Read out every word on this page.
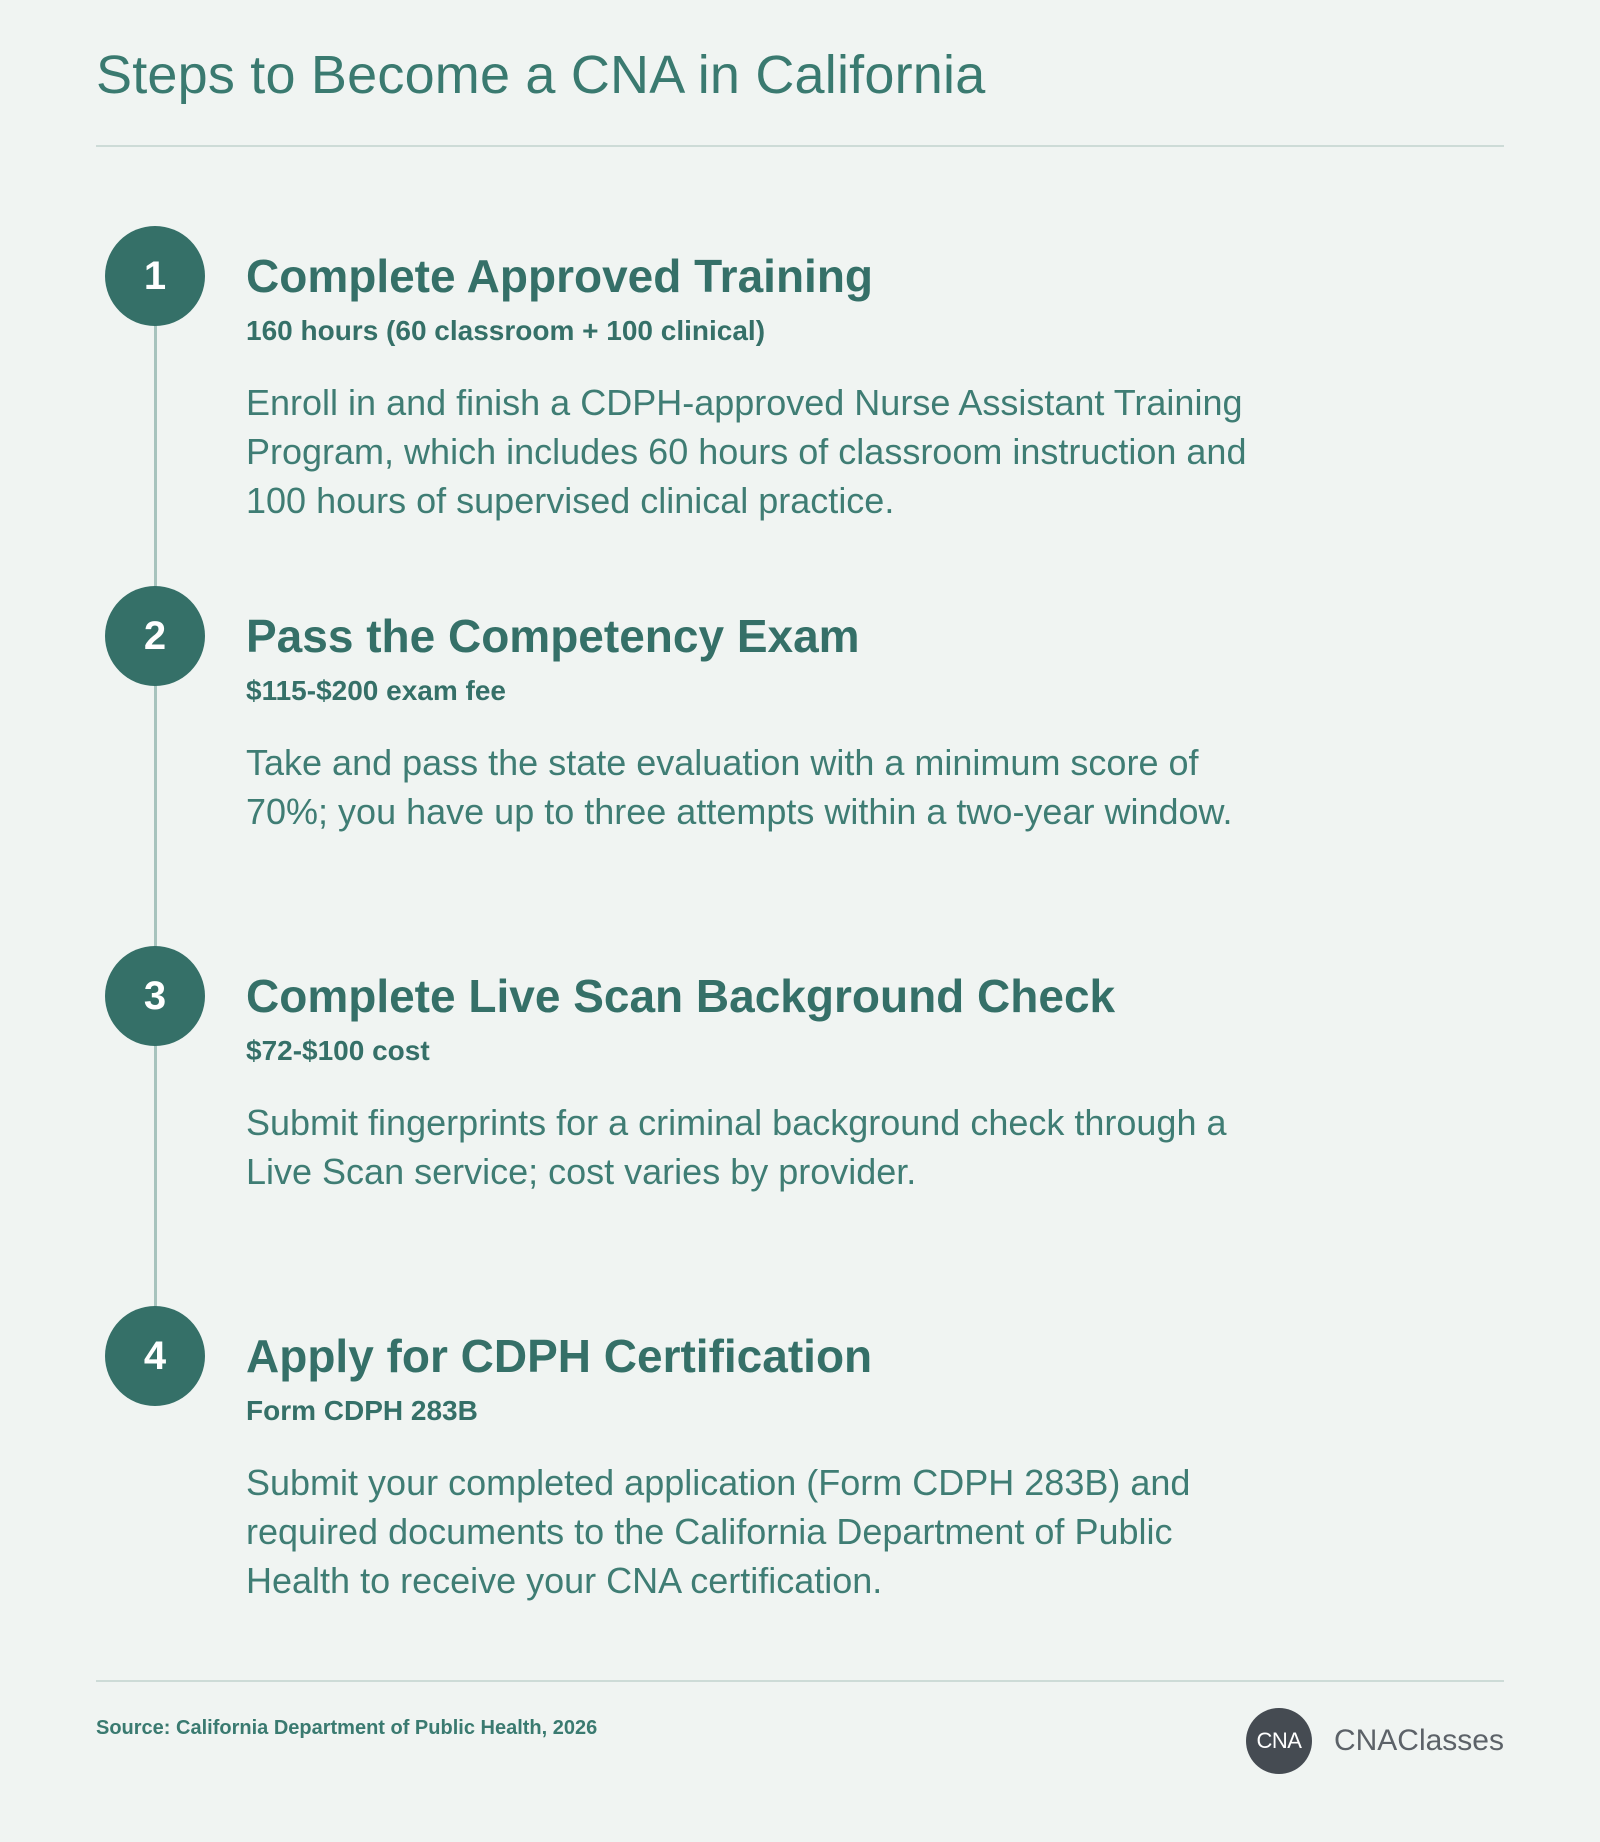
Steps to Become a CNA in California
1	Complete Approved Training
160 hours (60 classroom + 100 clinical)
Enroll in and finish a CDPH-approved Nurse Assistant Training Program, which includes 60 hours of classroom instruction and 100 hours of supervised clinical practice.
2	Pass the Competency Exam
$115-$200 exam fee
Take and pass the state evaluation with a minimum score of 70%; you have up to three attempts within a two-year window.
3	Complete Live Scan Background Check
$72-$100 cost
Submit fingerprints for a criminal background check through a Live Scan service; cost varies by provider.
4	Apply for CDPH Certification
Form CDPH 283B
Submit your completed application (Form CDPH 283B) and required documents to the California Department of Public Health to receive your CNA certification.
Source: California Department of Public Health, 2026	CNA	CNAClasses
